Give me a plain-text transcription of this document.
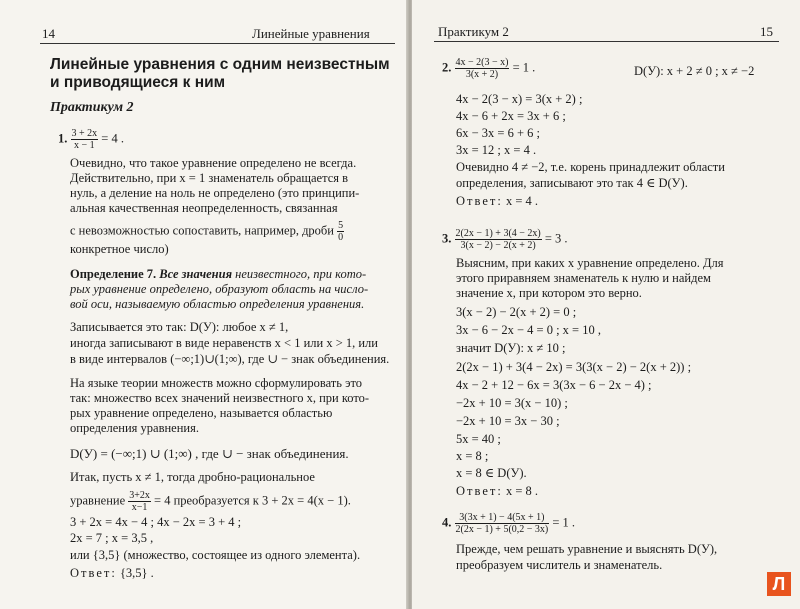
14	Линейные уравнения
Линейные уравнения с одним неизвестным
и приводящиеся к ним
Практикум 2
1. $\frac{3 + 2x}{x - 1} = 4$ .
Очевидно, что такое уравнение определено не всегда.
Действительно, при x = 1 знаменатель обращается в
нуль, а деление на ноль не определено (это принципи-
альная качественная неопределенность, связанная
с невозможностью сопоставить, например, дроби $\frac{5}{0}$
конкретное число)
Определение 7. Все значения неизвестного, при кото-
рых уравнение определено, образуют область на число-
вой оси, называемую областью определения уравнения.
Записывается это так: D(У): любое x ≠ 1,
иногда записывают в виде неравенств x < 1 или x > 1, или
в виде интервалов (−∞;1)∪(1;∞), где ∪ − знак объединения.
На языке теории множеств можно сформулировать это
так: множество всех значений неизвестного x, при кото-
рых уравнение определено, называется областью
определения уравнения.
D(У) = (−∞;1) ∪ (1;∞) , где ∪ − знак объединения.
Итак, пусть x ≠ 1, тогда дробно-рациональное
уравнение $\frac{3+2x}{x-1} = 4$ преобразуется к 3 + 2x = 4(x − 1).
3 + 2x = 4x − 4 ; 4x − 2x = 3 + 4 ;
2x = 7 ; x = 3,5 ,
или {3,5} (множество, состоящее из одного элемента).
Ответ: {3,5} .
Практикум 2	15
2. $\frac{4x - 2(3 - x)}{3(x + 2)} = 1$ .	D(У): x + 2 ≠ 0 ; x ≠ −2
4x − 2(3 − x) = 3(x + 2) ;
4x − 6 + 2x = 3x + 6 ;
6x − 3x = 6 + 6 ;
3x = 12 ; x = 4 .
Очевидно 4 ≠ −2, т.е. корень принадлежит области
определения, записывают это так 4 ∈ D(У).
Ответ: x = 4 .
3. $\frac{2(2x - 1) + 3(4 - 2x)}{3(x - 2) - 2(x + 2)} = 3$ .
Выясним, при каких x уравнение определено. Для
этого приравняем знаменатель к нулю и найдем
значение x, при котором это верно.
3(x − 2) − 2(x + 2) = 0 ;
3x − 6 − 2x − 4 = 0 ; x = 10 ,
значит D(У): x ≠ 10 ;
2(2x − 1) + 3(4 − 2x) = 3(3(x − 2) − 2(x + 2)) ;
4x − 2 + 12 − 6x = 3(3x − 6 − 2x − 4) ;
−2x + 10 = 3(x − 10) ;
−2x + 10 = 3x − 30 ;
5x = 40 ;
x = 8 ;
x = 8 ∈ D(У).
Ответ: x = 8 .
4. $\frac{3(3x + 1) - 4(5x + 1)}{2(2x - 1) + 5(0,2 - 3x)} = 1$ .
Прежде, чем решать уравнение и выяснять D(У),
преобразуем числитель и знаменатель.
Л
